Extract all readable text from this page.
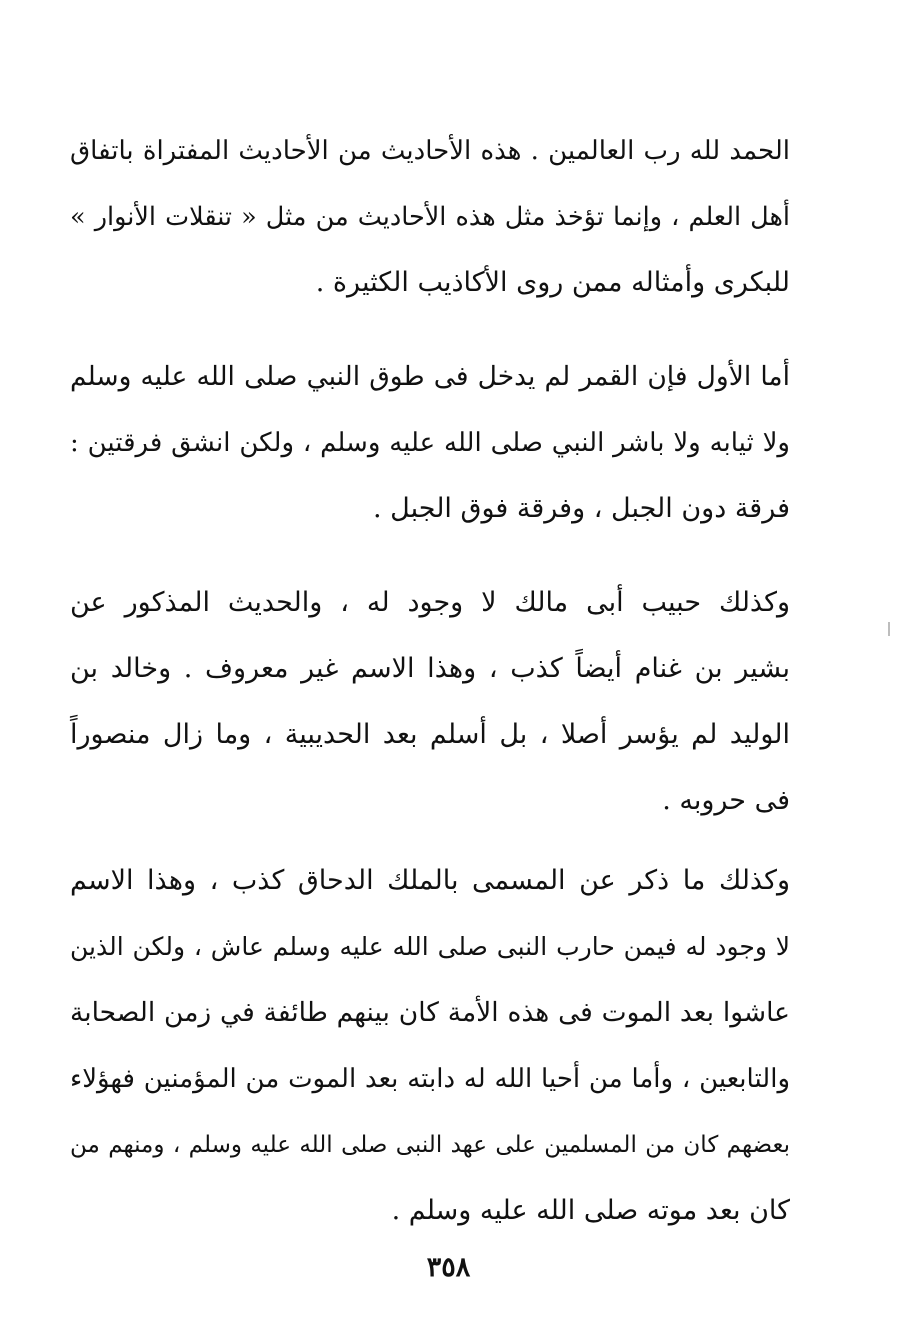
الحمد لله رب العالمين . هذه الأحاديث من الأحاديث المفتراة باتفاق
أهل العلم ، وإنما تؤخذ مثل هذه الأحاديث من مثل « تنقلات الأنوار »
للبكرى وأمثاله ممن روى الأكاذيب الكثيرة .
أما الأول فإن القمر لم يدخل فى طوق النبي صلى الله عليه وسلم
ولا ثيابه ولا باشر النبي صلى الله عليه وسلم ، ولكن انشق فرقتين :
فرقة دون الجبل ، وفرقة فوق الجبل .
وكذلك حبيب أبى مالك لا وجود له ، والحديث المذكور عن
بشير بن غنام أيضاً كذب ، وهذا الاسم غير معروف . وخالد بن
الوليد لم يؤسر أصلا ، بل أسلم بعد الحديبية ، وما زال منصوراً
فى حروبه .
وكذلك ما ذكر عن المسمى بالملك الدحاق كذب ، وهذا الاسم
لا وجود له فيمن حارب النبى صلى الله عليه وسلم عاش ، ولكن الذين
عاشوا بعد الموت فى هذه الأمة كان بينهم طائفة في زمن الصحابة
والتابعين ، وأما من أحيا الله له دابته بعد الموت من المؤمنين فهؤلاء
بعضهم كان من المسلمين على عهد النبى صلى الله عليه وسلم ، ومنهم من
كان بعد موته صلى الله عليه وسلم .
٣٥٨
